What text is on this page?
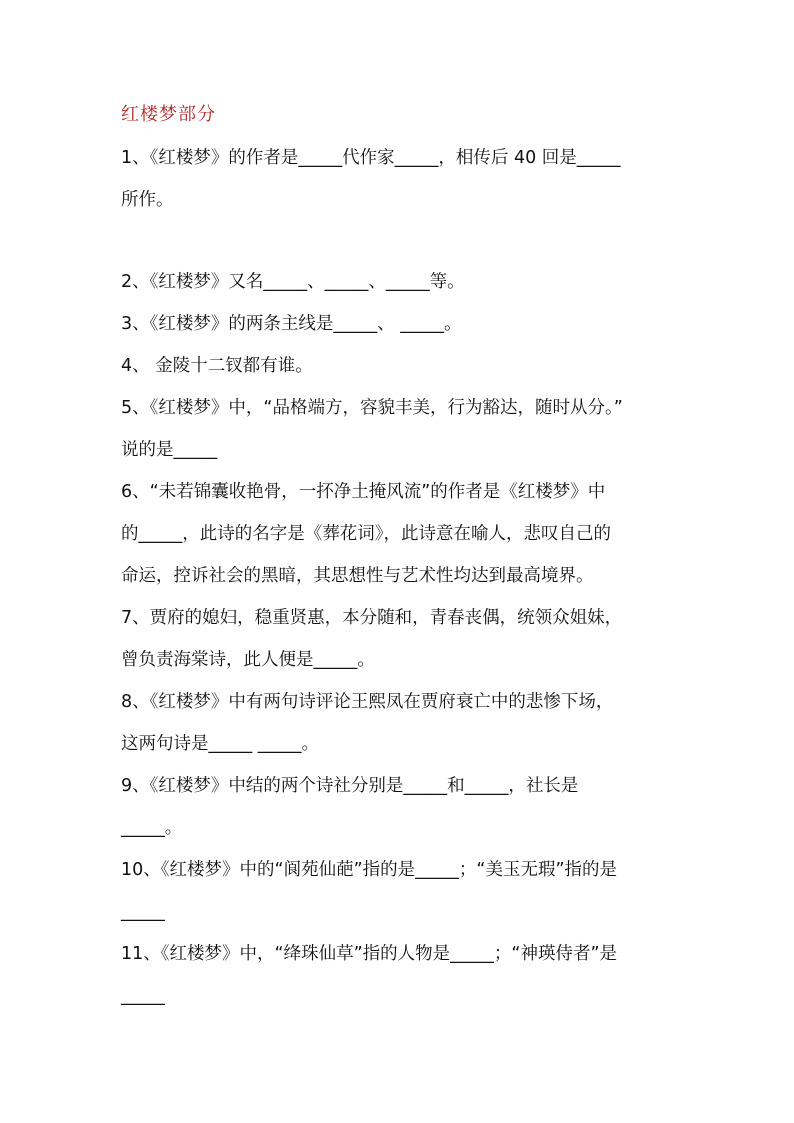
红楼梦部分

1、《红楼梦》的作者是_____代作家_____，相传后 40 回是_____

所作。

2、《红楼梦》又名_____、_____、_____等。

3、《红楼梦》的两条主线是_____、 _____。

4、 金陵十二钗都有谁。

5、《红楼梦》中，“品格端方，容貌丰美，行为豁达，随时从分。”

说的是_____

6、“未若锦囊收艳骨，一抔净土掩风流”的作者是《红楼梦》中

的_____，此诗的名字是《葬花词》，此诗意在喻人，悲叹自己的

命运，控诉社会的黑暗，其思想性与艺术性均达到最高境界。

7、贾府的媳妇，稳重贤惠，本分随和，青春丧偶，统领众姐妹，

曾负责海棠诗，此人便是_____。

8、《红楼梦》中有两句诗评论王熙凤在贾府衰亡中的悲惨下场，

这两句诗是_____ _____。

9、《红楼梦》中结的两个诗社分别是_____和_____，社长是

_____。

10、《红楼梦》中的“阆苑仙葩”指的是_____；“美玉无瑕”指的是

_____

11、《红楼梦》中，“绛珠仙草”指的人物是_____；“神瑛侍者”是

_____
